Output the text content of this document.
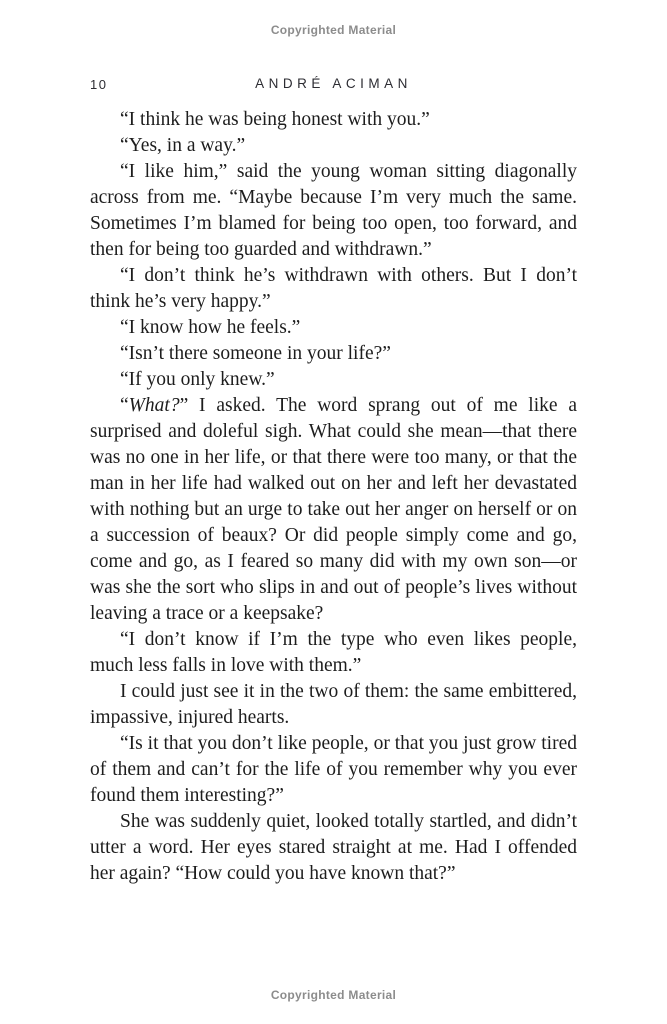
Copyrighted Material
10	ANDRÉ ACIMAN

“I think he was being honest with you.”

“Yes, in a way.”

“I like him,” said the young woman sitting diagonally across from me. “Maybe because I’m very much the same. Sometimes I’m blamed for being too open, too forward, and then for being too guarded and withdrawn.”

“I don’t think he’s withdrawn with others. But I don’t think he’s very happy.”

“I know how he feels.”

“Isn’t there someone in your life?”

“If you only knew.”

“What?” I asked. The word sprang out of me like a surprised and doleful sigh. What could she mean—that there was no one in her life, or that there were too many, or that the man in her life had walked out on her and left her devastated with nothing but an urge to take out her anger on herself or on a succession of beaux? Or did people simply come and go, come and go, as I feared so many did with my own son—or was she the sort who slips in and out of people’s lives without leaving a trace or a keepsake?

“I don’t know if I’m the type who even likes people, much less falls in love with them.”

I could just see it in the two of them: the same embittered, impassive, injured hearts.

“Is it that you don’t like people, or that you just grow tired of them and can’t for the life of you remember why you ever found them interesting?”

She was suddenly quiet, looked totally startled, and didn’t utter a word. Her eyes stared straight at me. Had I offended her again? “How could you have known that?”

Copyrighted Material
